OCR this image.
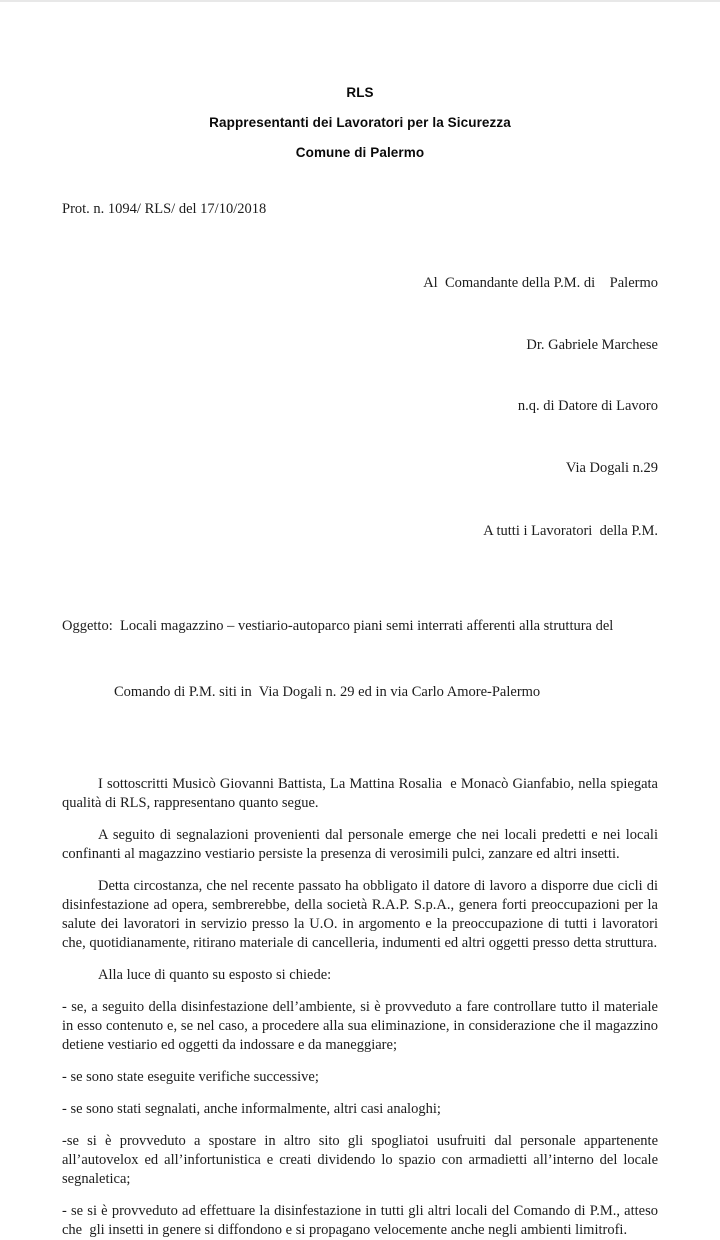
RLS
Rappresentanti dei Lavoratori per la Sicurezza
Comune di Palermo
Prot. n. 1094/ RLS/ del 17/10/2018

Al  Comandante della P.M. di    Palermo

Dr. Gabriele Marchese

n.q. di Datore di Lavoro

Via Dogali n.29

A tutti i Lavoratori  della P.M.

Oggetto:  Locali magazzino – vestiario-autoparco piani semi interrati afferenti alla struttura del

Comando di P.M. siti in  Via Dogali n. 29 ed in via Carlo Amore-Palermo

I sottoscritti Musicò Giovanni Battista, La Mattina Rosalia  e Monacò Gianfabio, nella spiegata qualità di RLS, rappresentano quanto segue.

A seguito di segnalazioni provenienti dal personale emerge che nei locali predetti e nei locali confinanti al magazzino vestiario persiste la presenza di verosimili pulci, zanzare ed altri insetti.

Detta circostanza, che nel recente passato ha obbligato il datore di lavoro a disporre due cicli di disinfestazione ad opera, sembrerebbe, della società R.A.P. S.p.A., genera forti preoccupazioni per la salute dei lavoratori in servizio presso la U.O. in argomento e la preoccupazione di tutti i lavoratori che, quotidianamente, ritirano materiale di cancelleria, indumenti ed altri oggetti presso detta struttura.

Alla luce di quanto su esposto si chiede:

- se, a seguito della disinfestazione dell’ambiente, si è provveduto a fare controllare tutto il materiale in esso contenuto e, se nel caso, a procedere alla sua eliminazione, in considerazione che il magazzino detiene vestiario ed oggetti da indossare e da maneggiare;

- se sono state eseguite verifiche successive;

- se sono stati segnalati, anche informalmente, altri casi analoghi;

-se si è provveduto a spostare in altro sito gli spogliatoi usufruiti dal personale appartenente all’autovelox ed all’infortunistica e creati dividendo lo spazio con armadietti all’interno del locale segnaletica;

- se si è provveduto ad effettuare la disinfestazione in tutti gli altri locali del Comando di P.M., atteso che  gli insetti in genere si diffondono e si propagano velocemente anche negli ambienti limitrofi.
